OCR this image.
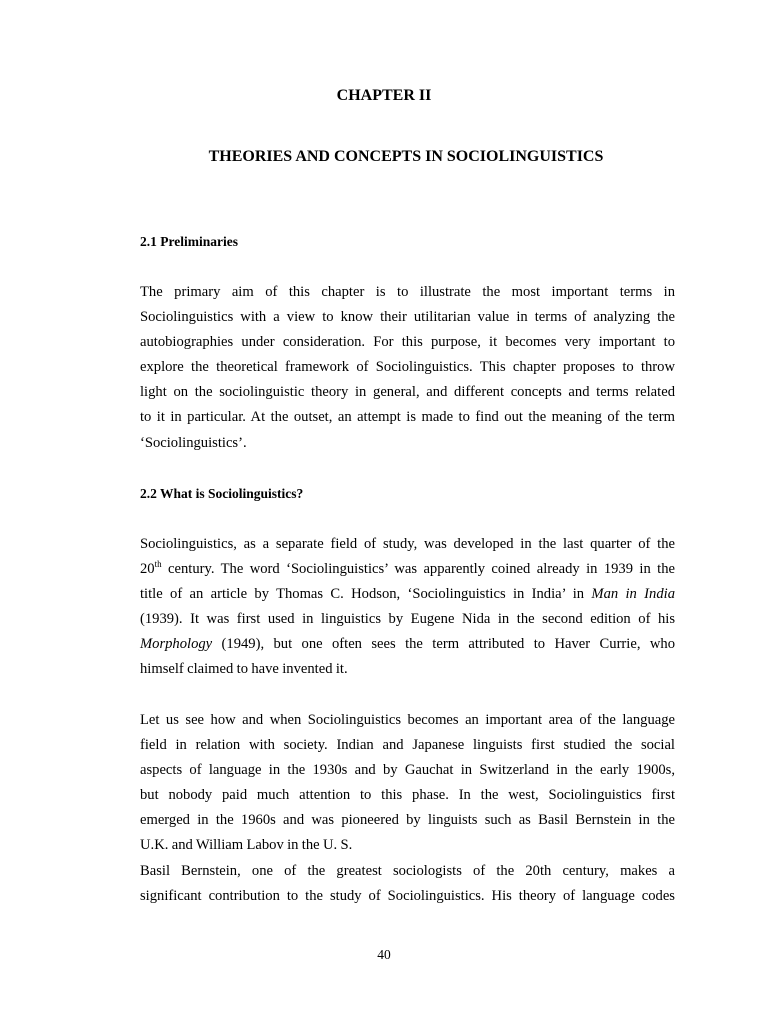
CHAPTER II
THEORIES AND CONCEPTS IN SOCIOLINGUISTICS
2.1 Preliminaries

The primary aim of this chapter is to illustrate the most important terms in
Sociolinguistics with a view to know their utilitarian value in terms of analyzing the
autobiographies under consideration. For this purpose, it becomes very important to
explore the theoretical framework of Sociolinguistics. This chapter proposes to throw
light on the sociolinguistic theory in general, and different concepts and terms related
to it in particular. At the outset, an attempt is made to find out the meaning of the term
‘Sociolinguistics’.

2.2 What is Sociolinguistics?

Sociolinguistics, as a separate field of study, was developed in the last quarter of the
20th century. The word ‘Sociolinguistics’ was apparently coined already in 1939 in the
title of an article by Thomas C. Hodson, ‘Sociolinguistics in India’ in Man in India
(1939). It was first used in linguistics by Eugene Nida in the second edition of his
Morphology (1949), but one often sees the term attributed to Haver Currie, who
himself claimed to have invented it.

Let us see how and when Sociolinguistics becomes an important area of the language
field in relation with society. Indian and Japanese linguists first studied the social
aspects of language in the 1930s and by Gauchat in Switzerland in the early 1900s,
but nobody paid much attention to this phase. In the west, Sociolinguistics first
emerged in the 1960s and was pioneered by linguists such as Basil Bernstein in the
U.K. and William Labov in the U. S.

Basil Bernstein, one of the greatest sociologists of the 20th century, makes a
significant contribution to the study of Sociolinguistics. His theory of language codes

40
